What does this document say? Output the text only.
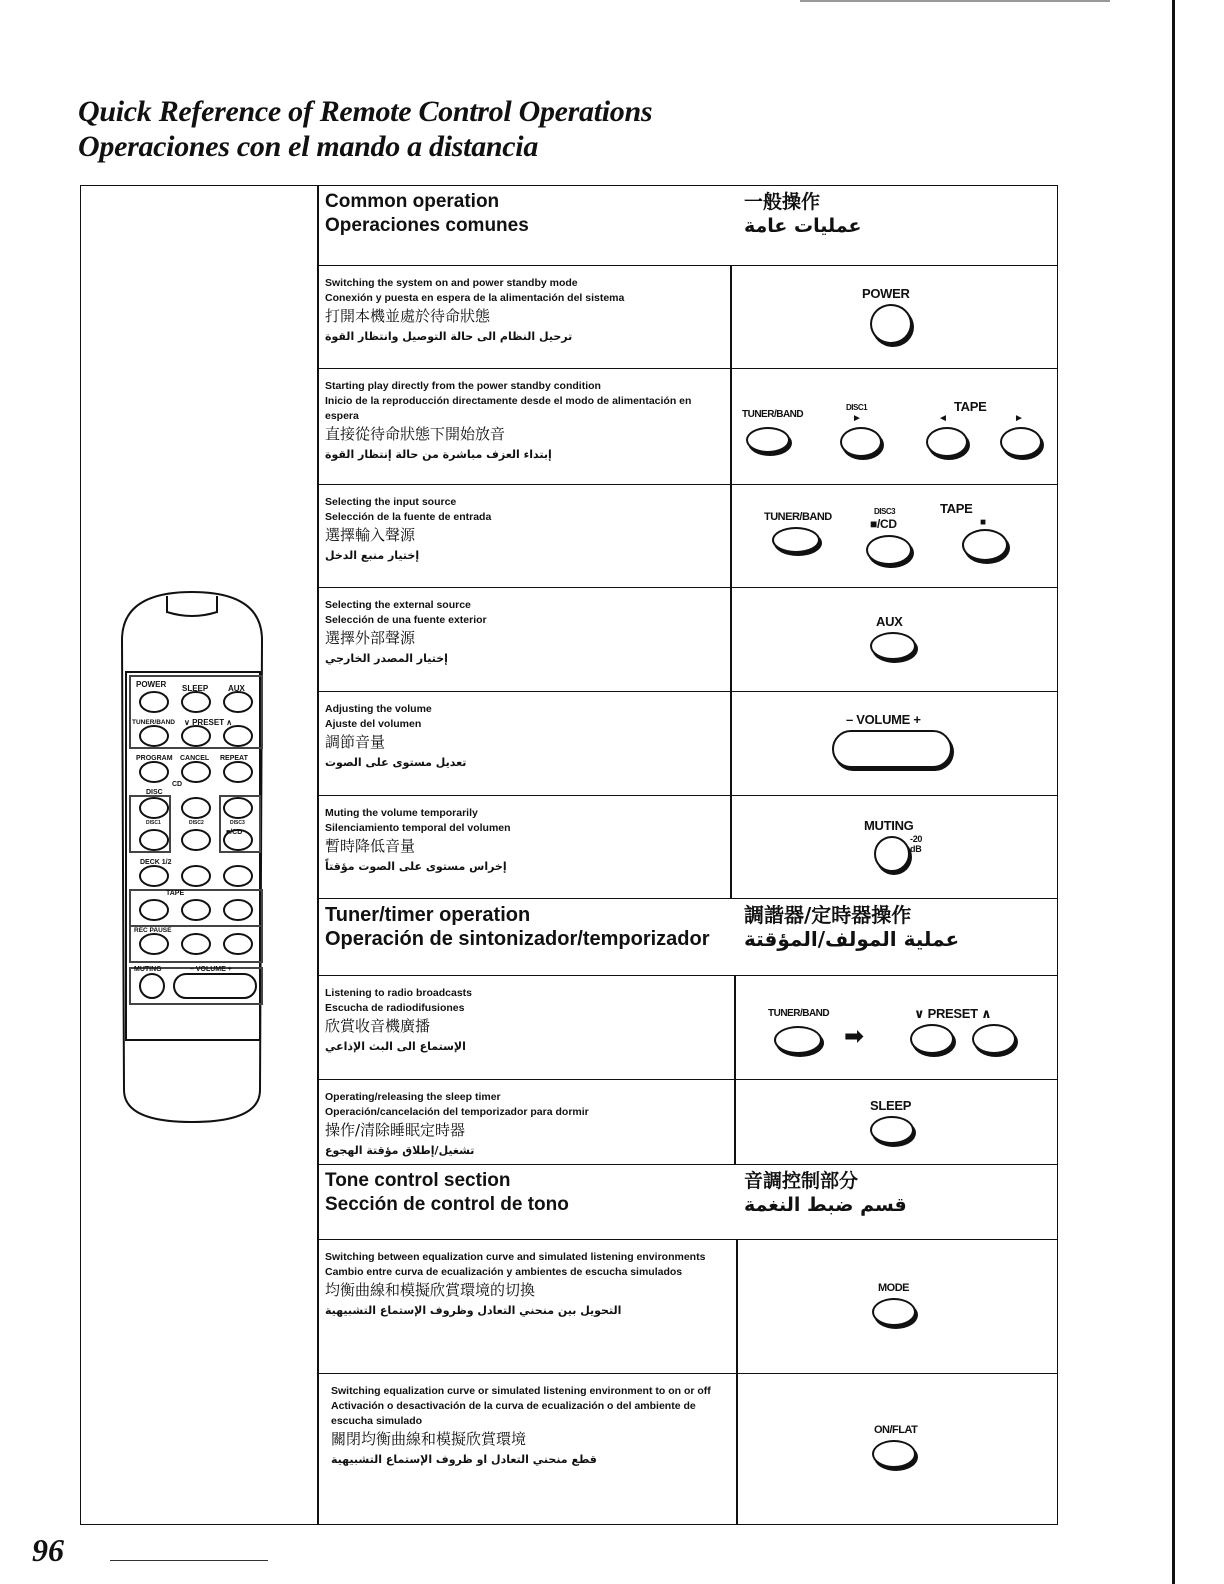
Quick Reference of Remote Control Operations
Operaciones con el mando a distancia
POWER SLEEP AUX
TUNER/BAND ∨ PRESET ∧
PROGRAM CANCEL REPEAT
CD
DISC
DISC1	DISC2	DISC3
■/CD
DECK 1/2
TAPE
REC PAUSE
MUTING	– VOLUME +
Common operation
Operaciones comunes
一般操作
عمليات عامة
Switching the system on and power standby mode
Conexión y puesta en espera de la alimentación del sistema
打開本機並處於待命狀態
ترحيل النظام الى حالة التوصيل وانتظار القوة
POWER
Starting play directly from the power standby condition
Inicio de la reproducción directamente desde el modo de alimentación en espera
直接從待命狀態下開始放音
إبتداء العزف مباشرة من حالة إنتظار القوة
TUNER/BAND
DISC1
►
TAPE
◄	►
Selecting the input source
Selección de la fuente de entrada
選擇輸入聲源
إختيار منبع الدخل
TUNER/BAND	DISC3
■/CD
TAPE
■
Selecting the external source
Selección de una fuente exterior
選擇外部聲源
إختيار المصدر الخارجي
AUX
Adjusting the volume
Ajuste del volumen
調節音量
تعديل مستوى على الصوت
– VOLUME +
Muting the volume temporarily
Silenciamiento temporal del volumen
暫時降低音量
إخراس مستوى على الصوت مؤقتاً
MUTING
-20 dB
Tuner/timer operation
Operación de sintonizador/temporizador
調諧器/定時器操作
عملية المولف/المؤقتة
Listening to radio broadcasts
Escucha de radiodifusiones
欣賞收音機廣播
الإستماع الى البث الإذاعي
TUNER/BAND
➡
∨ PRESET ∧
Operating/releasing the sleep timer
Operación/cancelación del temporizador para dormir
操作/清除睡眠定時器
تشغيل/إطلاق مؤقتة الهجوع
SLEEP
Tone control section
Sección de control de tono
音調控制部分
قسم ضبط النغمة
Switching between equalization curve and simulated listening environments
Cambio entre curva de ecualización y ambientes de escucha simulados
均衡曲線和模擬欣賞環境的切換
التحويل بين منحني التعادل وظروف الإستماع التشبيهية
MODE
Switching equalization curve or simulated listening environment to on or off
Activación o desactivación de la curva de ecualización o del ambiente de escucha simulado
關閉均衡曲線和模擬欣賞環境
قطع منحني التعادل او ظروف الإستماع التشبيهية
ON/FLAT
96
